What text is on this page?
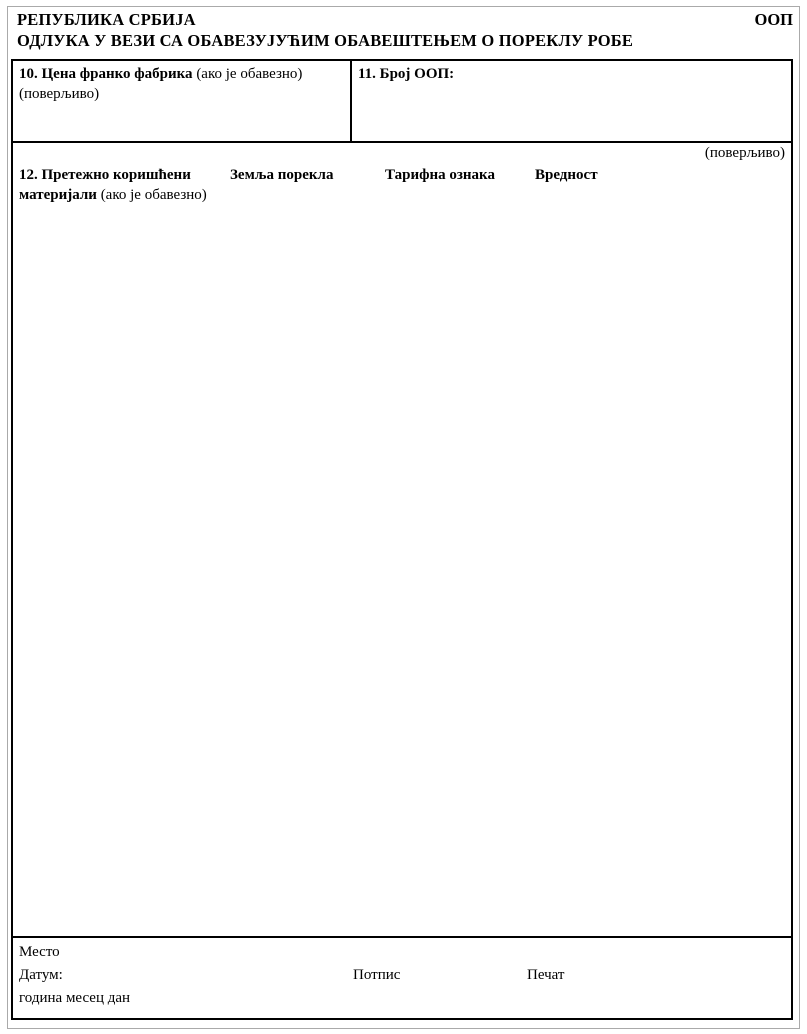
РЕПУБЛИКА СРБИЈА	ООП
ОДЛУКА У ВЕЗИ СА ОБАВЕЗУЈУЋИМ ОБАВЕШТЕЊЕМ О ПОРЕКЛУ РОБЕ
10. Цена франко фабрика (ако је обавезно)
(поверљиво)
11. Број ООП:
(поверљиво)
12. Претежно коришћени
материјали (ако је обавезно)
Земља порекла	Тарифна ознака	Вредност
Место
Датум:	Потпис	Печат
година месец дан
